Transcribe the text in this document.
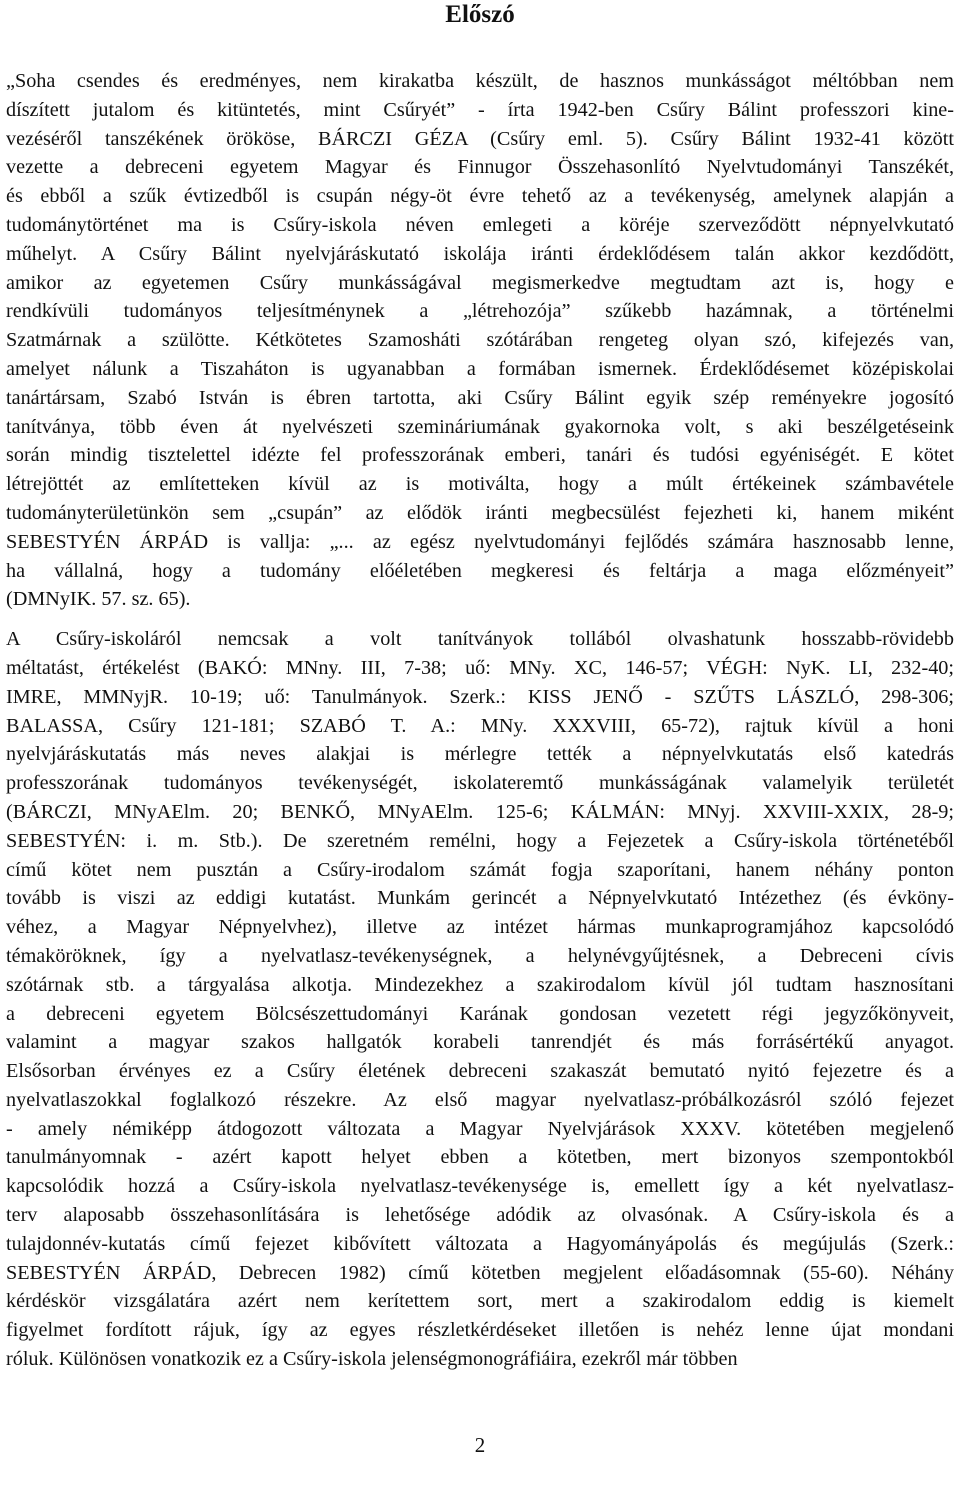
Előszó

„Soha csendes és eredményes, nem kirakatba készült, de hasznos munkásságot méltóbban nem
díszített jutalom és kitüntetés, mint Csűryét” - írta 1942-ben Csűry Bálint professzori kine-
vezéséről tanszékének örököse, BÁRCZI GÉZA (Csűry eml. 5). Csűry Bálint 1932-41 között
vezette a debreceni egyetem Magyar és Finnugor Összehasonlító Nyelvtudományi Tanszékét,
és ebből a szűk évtizedből is csupán négy-öt évre tehető az a tevékenység, amelynek alapján a
tudománytörténet ma is Csűry-iskola néven emlegeti a köréje szerveződött népnyelvkutató
műhelyt. A Csűry Bálint nyelvjáráskutató iskolája iránti érdeklődésem talán akkor kezdődött,
amikor az egyetemen Csűry munkásságával megismerkedve megtudtam azt is, hogy e
rendkívüli tudományos teljesítménynek a „létrehozója” szűkebb hazámnak, a történelmi
Szatmárnak a szülötte. Kétkötetes Szamosháti szótárában rengeteg olyan szó, kifejezés van,
amelyet nálunk a Tiszaháton is ugyanabban a formában ismernek. Érdeklődésemet középiskolai
tanártársam, Szabó István is ébren tartotta, aki Csűry Bálint egyik szép reményekre jogosító
tanítványa, több éven át nyelvészeti szemináriumának gyakornoka volt, s aki beszélgetéseink
során mindig tisztelettel idézte fel professzorának emberi, tanári és tudósi egyéniségét. E kötet
létrejöttét az említetteken kívül az is motiválta, hogy a múlt értékeinek számbavétele
tudományterületünkön sem „csupán” az elődök iránti megbecsülést fejezheti ki, hanem miként
SEBESTYÉN ÁRPÁD is vallja: „... az egész nyelvtudományi fejlődés számára hasznosabb lenne,
ha vállalná, hogy a tudomány előéletében megkeresi és feltárja a maga előzményeit”
(DMNyIK. 57. sz. 65).

A Csűry-iskoláról nemcsak a volt tanítványok tollából olvashatunk hosszabb-rövidebb
méltatást, értékelést (BAKÓ: MNny. III, 7-38; uő: MNy. XC, 146-57; VÉGH: NyK. LI, 232-40;
IMRE, MMNyjR. 10-19; uő: Tanulmányok. Szerk.: KISS JENŐ - SZŰTS LÁSZLÓ, 298-306;
BALASSA, Csűry 121-181; SZABÓ T. A.: MNy. XXXVIII, 65-72), rajtuk kívül a honi
nyelvjáráskutatás más neves alakjai is mérlegre tették a népnyelvkutatás első katedrás
professzorának tudományos tevékenységét, iskolateremtő munkásságának valamelyik területét
(BÁRCZI, MNyAElm. 20; BENKŐ, MNyAElm. 125-6; KÁLMÁN: MNyj. XXVIII-XXIX, 28-9;
SEBESTYÉN: i. m. Stb.). De szeretném remélni, hogy a Fejezetek a Csűry-iskola történetéből
című kötet nem pusztán a Csűry-irodalom számát fogja szaporítani, hanem néhány ponton
tovább is viszi az eddigi kutatást. Munkám gerincét a Népnyelvkutató Intézethez (és évköny-
véhez, a Magyar Népnyelvhez), illetve az intézet hármas munkaprogramjához kapcsolódó
témaköröknek, így a nyelvatlasz-tevékenységnek, a helynévgyűjtésnek, a Debreceni cívis
szótárnak stb. a tárgyalása alkotja. Mindezekhez a szakirodalom kívül jól tudtam hasznosítani
a debreceni egyetem Bölcsészettudományi Karának gondosan vezetett régi jegyzőkönyveit,
valamint a magyar szakos hallgatók korabeli tanrendjét és más forrásértékű anyagot.
Elsősorban érvényes ez a Csűry életének debreceni szakaszát bemutató nyitó fejezetre és a
nyelvatlaszokkal foglalkozó részekre. Az első magyar nyelvatlasz-próbálkozásról szóló fejezet
- amely némiképp átdogozott változata a Magyar Nyelvjárások XXXV. kötetében megjelenő
tanulmányomnak - azért kapott helyet ebben a kötetben, mert bizonyos szempontokból
kapcsolódik hozzá a Csűry-iskola nyelvatlasz-tevékenysége is, emellett így a két nyelvatlasz-
terv alaposabb összehasonlítására is lehetősége adódik az olvasónak. A Csűry-iskola és a
tulajdonnév-kutatás című fejezet kibővített változata a Hagyományápolás és megújulás (Szerk.:
SEBESTYÉN ÁRPÁD, Debrecen 1982) című kötetben megjelent előadásomnak (55-60). Néhány
kérdéskör vizsgálatára azért nem kerítettem sort, mert a szakirodalom eddig is kiemelt
figyelmet fordított rájuk, így az egyes részletkérdéseket illetően is nehéz lenne újat mondani
róluk. Különösen vonatkozik ez a Csűry-iskola jelenségmonográfiáira, ezekről már többen

2
